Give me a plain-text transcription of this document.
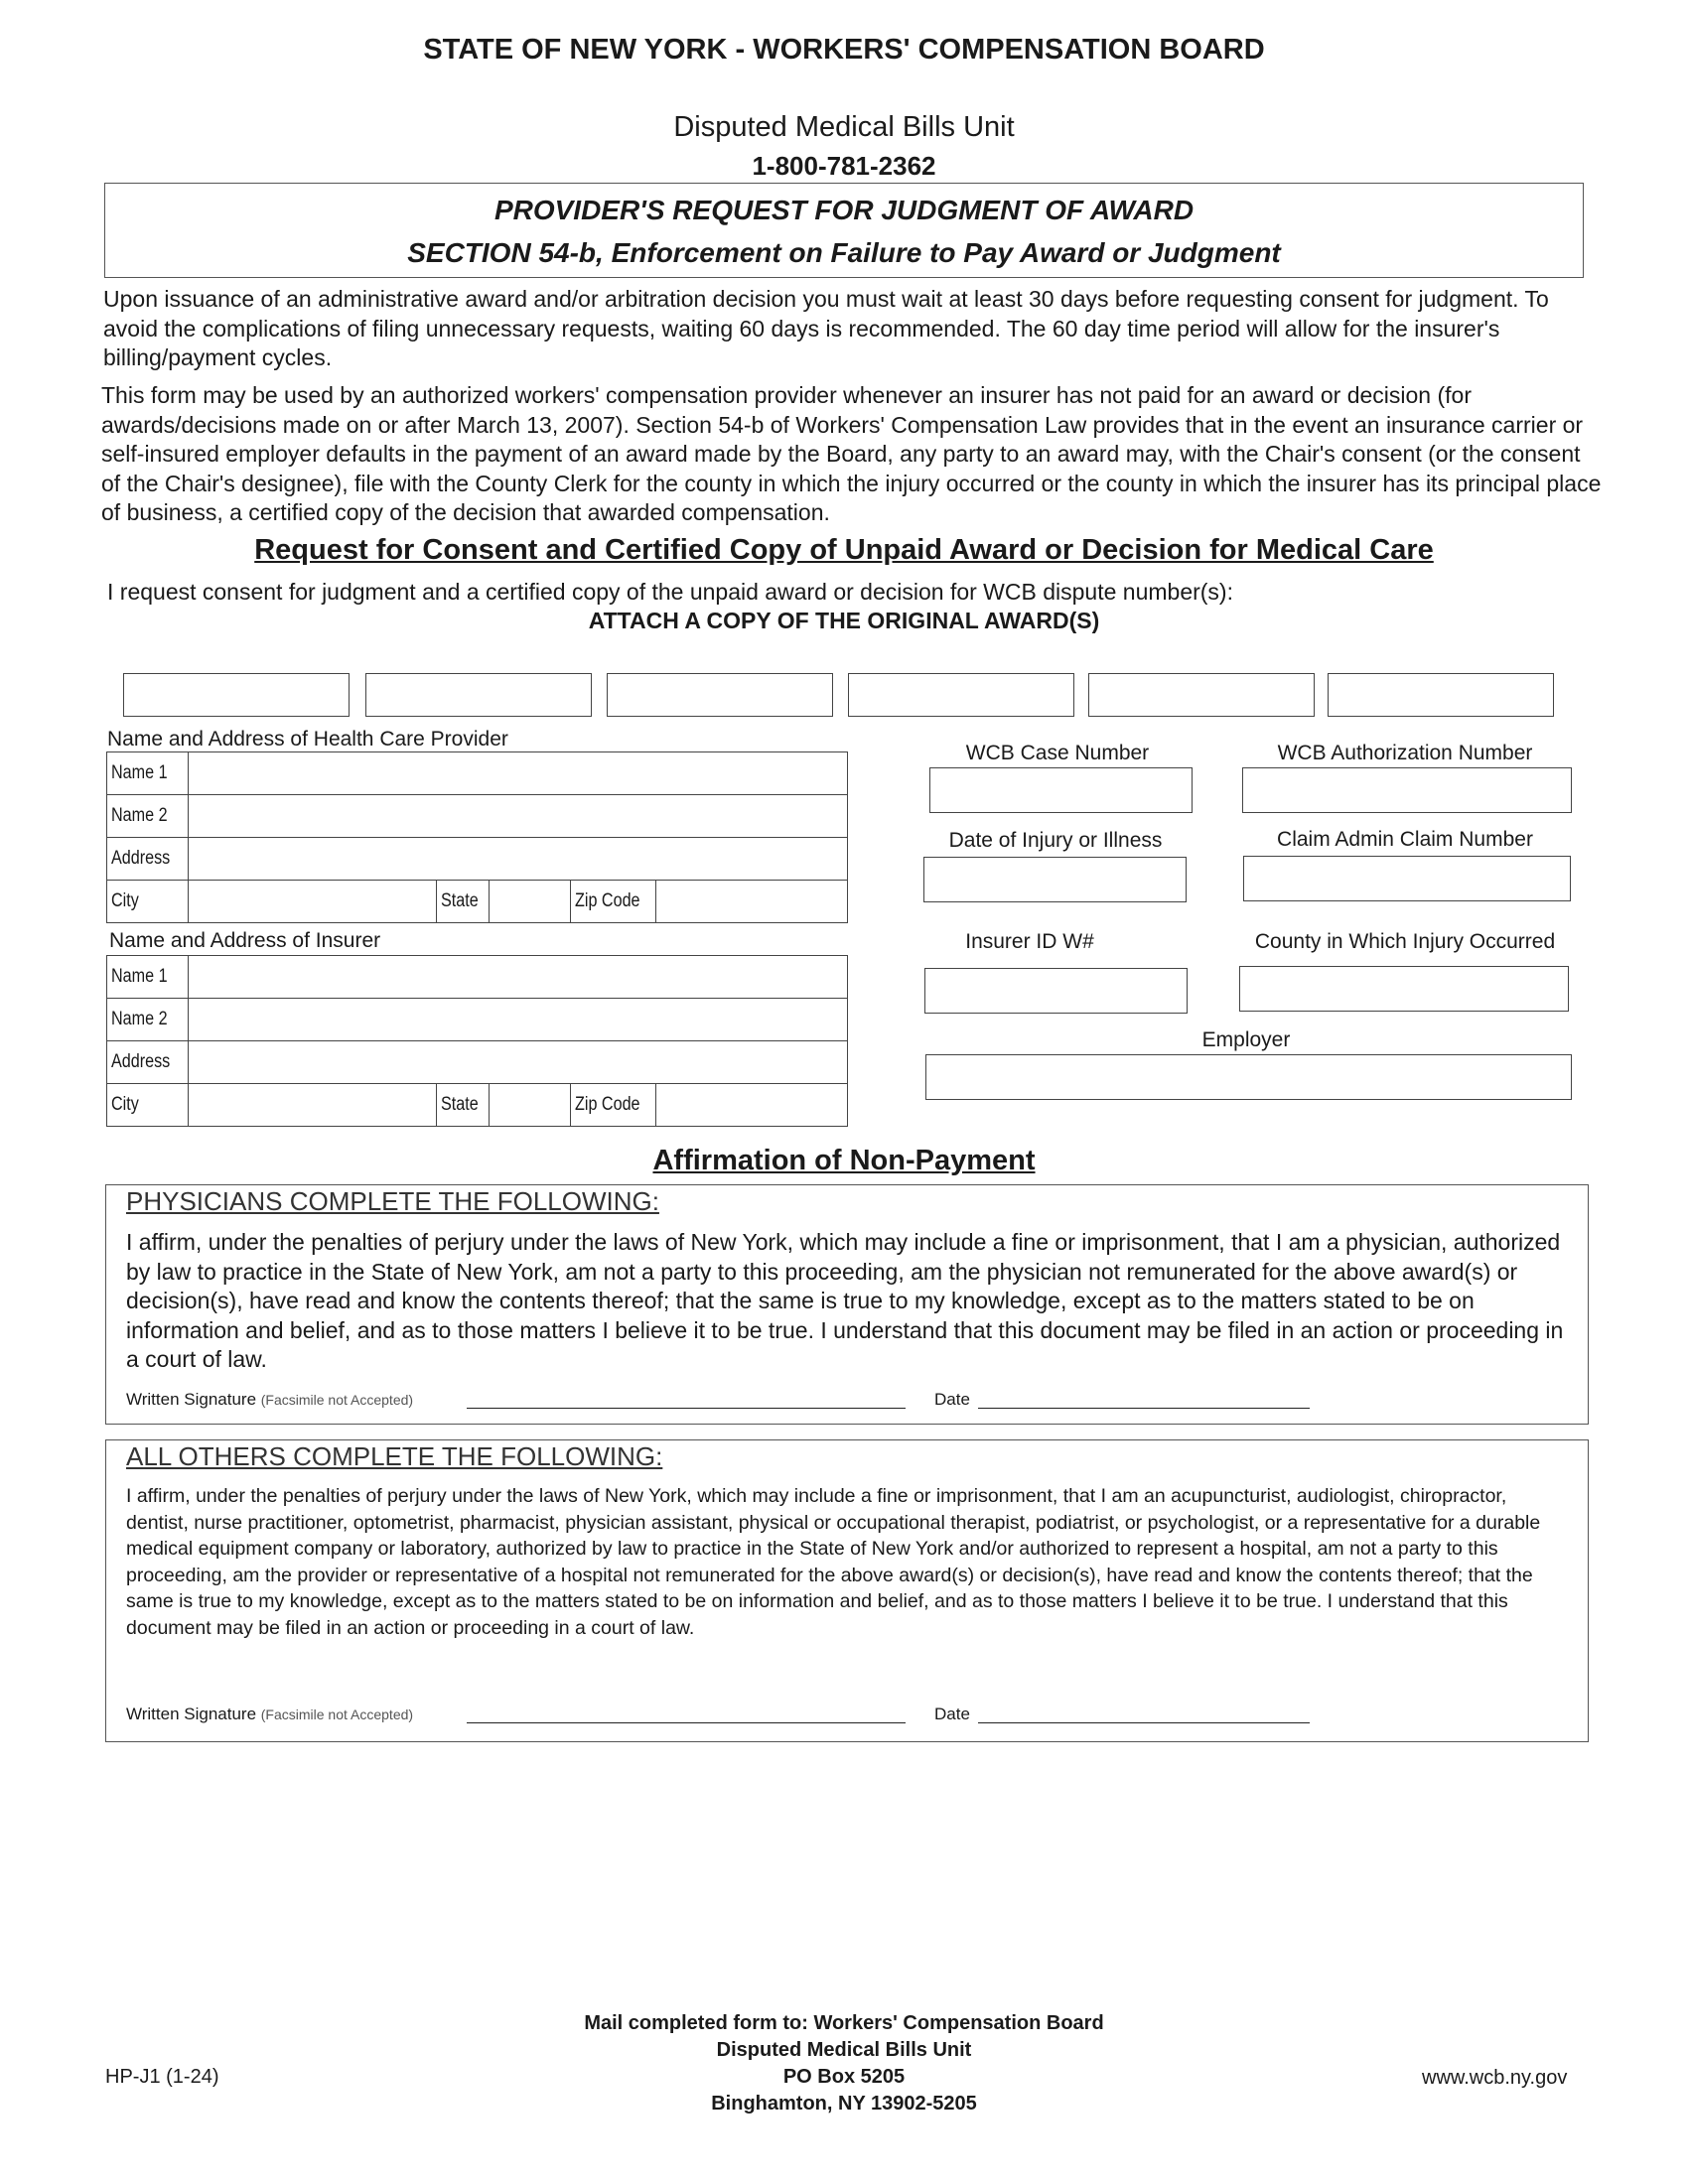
STATE OF NEW YORK - WORKERS' COMPENSATION BOARD
Disputed Medical Bills Unit
1-800-781-2362
PROVIDER'S REQUEST FOR JUDGMENT OF AWARD
SECTION 54-b, Enforcement on Failure to Pay Award or Judgment
Upon issuance of an administrative award and/or arbitration decision you must wait at least 30 days before requesting consent for judgment. To avoid the complications of filing unnecessary requests, waiting 60 days is recommended. The 60 day time period will allow for the insurer's billing/payment cycles.
This form may be used by an authorized workers' compensation provider whenever an insurer has not paid for an award or decision (for awards/decisions made on or after March 13, 2007). Section 54-b of Workers' Compensation Law provides that in the event an insurance carrier or self-insured employer defaults in the payment of an award made by the Board, any party to an award may, with the Chair's consent (or the consent of the Chair's designee), file with the County Clerk for the county in which the injury occurred or the county in which the insurer has its principal place of business, a certified copy of the decision that awarded compensation.
Request for Consent and Certified Copy of Unpaid Award or Decision for Medical Care
I request consent for judgment and a certified copy of the unpaid award or decision for WCB dispute number(s):
ATTACH A COPY OF THE ORIGINAL AWARD(S)
Name and Address of Health Care Provider
Name 1					
Name 2					
Address					
City		State		Zip Code	
Name and Address of Insurer
Name 1					
Name 2					
Address					
City		State		Zip Code	
WCB Case Number	WCB Authorization Number
Date of Injury or Illness	Claim Admin Claim Number
Insurer ID W#	County in Which Injury Occurred
Employer
Affirmation of Non-Payment
PHYSICIANS COMPLETE THE FOLLOWING:
I affirm, under the penalties of perjury under the laws of New York, which may include a fine or imprisonment, that I am a physician, authorized by law to practice in the State of New York, am not a party to this proceeding, am the physician not remunerated for the above award(s) or decision(s), have read and know the contents thereof; that the same is true to my knowledge, except as to the matters stated to be on information and belief, and as to those matters I believe it to be true. I understand that this document may be filed in an action or proceeding in a court of law.
Written Signature (Facsimile not Accepted)	Date
ALL OTHERS COMPLETE THE FOLLOWING:
I affirm, under the penalties of perjury under the laws of New York, which may include a fine or imprisonment, that I am an acupuncturist, audiologist, chiropractor, dentist, nurse practitioner, optometrist, pharmacist, physician assistant, physical or occupational therapist, podiatrist, or psychologist, or a representative for a durable medical equipment company or laboratory, authorized by law to practice in the State of New York and/or authorized to represent a hospital, am not a party to this proceeding, am the provider or representative of a hospital not remunerated for the above award(s) or decision(s), have read and know the contents thereof; that the same is true to my knowledge, except as to the matters stated to be on information and belief, and as to those matters I believe it to be true. I understand that this document may be filed in an action or proceeding in a court of law.
Written Signature (Facsimile not Accepted)	Date
Mail completed form to: Workers' Compensation Board
Disputed Medical Bills Unit
PO Box 5205
Binghamton, NY 13902-5205
HP-J1 (1-24)	www.wcb.ny.gov
